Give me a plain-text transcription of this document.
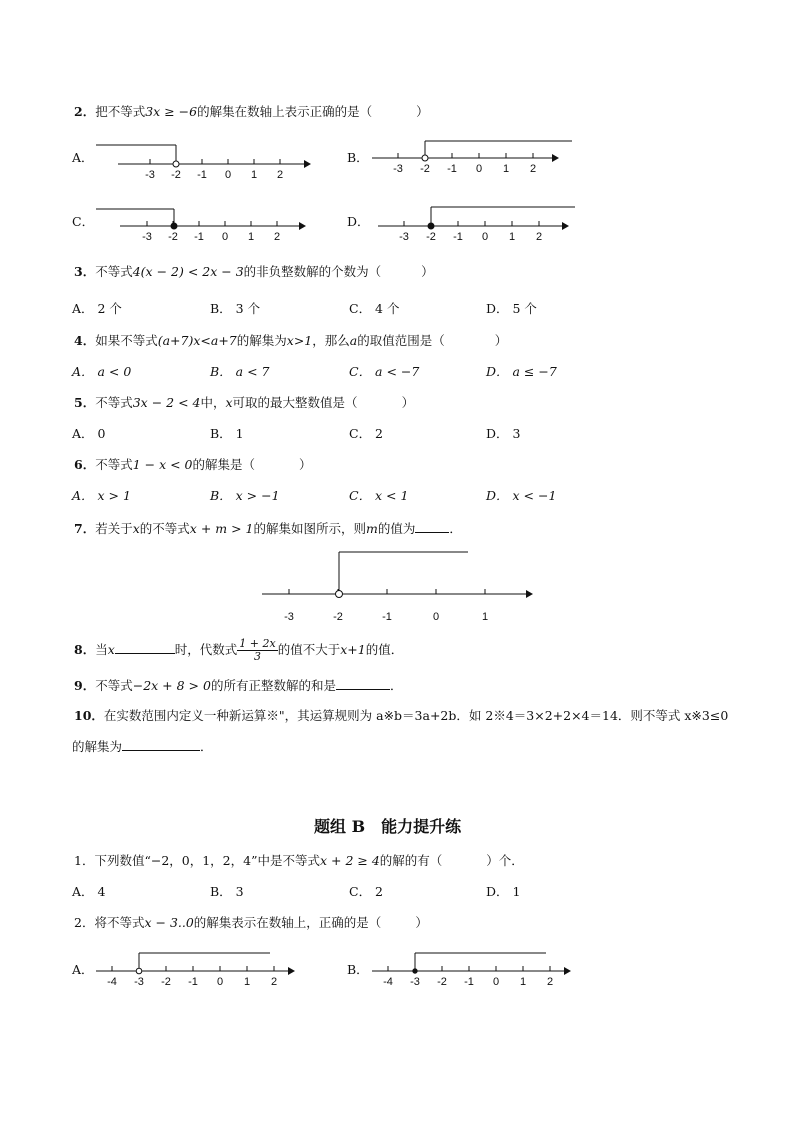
2．把不等式3x ≥ −6的解集在数轴上表示正确的是（	）
A．
-3 -2 -1 0 1 2
B．
-3 -2 -1 0 1 2
C．
-3 -2 -1 0 1 2
D．
-3 -2 -1 0 1 2
3．不等式4(x − 2) < 2x − 3的非负整数解的个数为（	）
A． 2 个	B． 3 个	C． 4 个	D． 5 个
4．如果不等式(a+7)x<a+7的解集为x>1，那么a的取值范围是（	）
A． a < 0	B． a < 7	C． a < −7	D． a ≤ −7
5．不等式3x − 2 < 4中，x可取的最大整数值是（	）
A． 0	B． 1	C． 2	D． 3
6．不等式1 − x < 0的解集是（	）
A． x > 1	B． x > −1	C． x < 1	D． x < −1
7．若关于x的不等式x + m > 1的解集如图所示，则m的值为	．
-3	-2	-1	0	1
8．当x	时，代数式 $\frac{1 + 2x}{3}$ 的值不大于x+1的值．
9．不等式−2x + 8 > 0的所有正整数解的和是	．
10．在实数范围内定义一种新运算※"，其运算规则为 a※b＝3a+2b．如 2※4＝3×2+2×4＝14．则不等式 x※3≤0
的解集为	．
题组 B　能力提升练
1．下列数值“−2，0，1，2，4”中是不等式x + 2 ≥ 4的解的有（	）个．
A． 4	B． 3	C． 2	D． 1
2．将不等式x − 3..0的解集表示在数轴上，正确的是（	）
A．
-4 -3 -2 -1 0 1 2
B．
-4 -3 -2 -1 0 1 2
